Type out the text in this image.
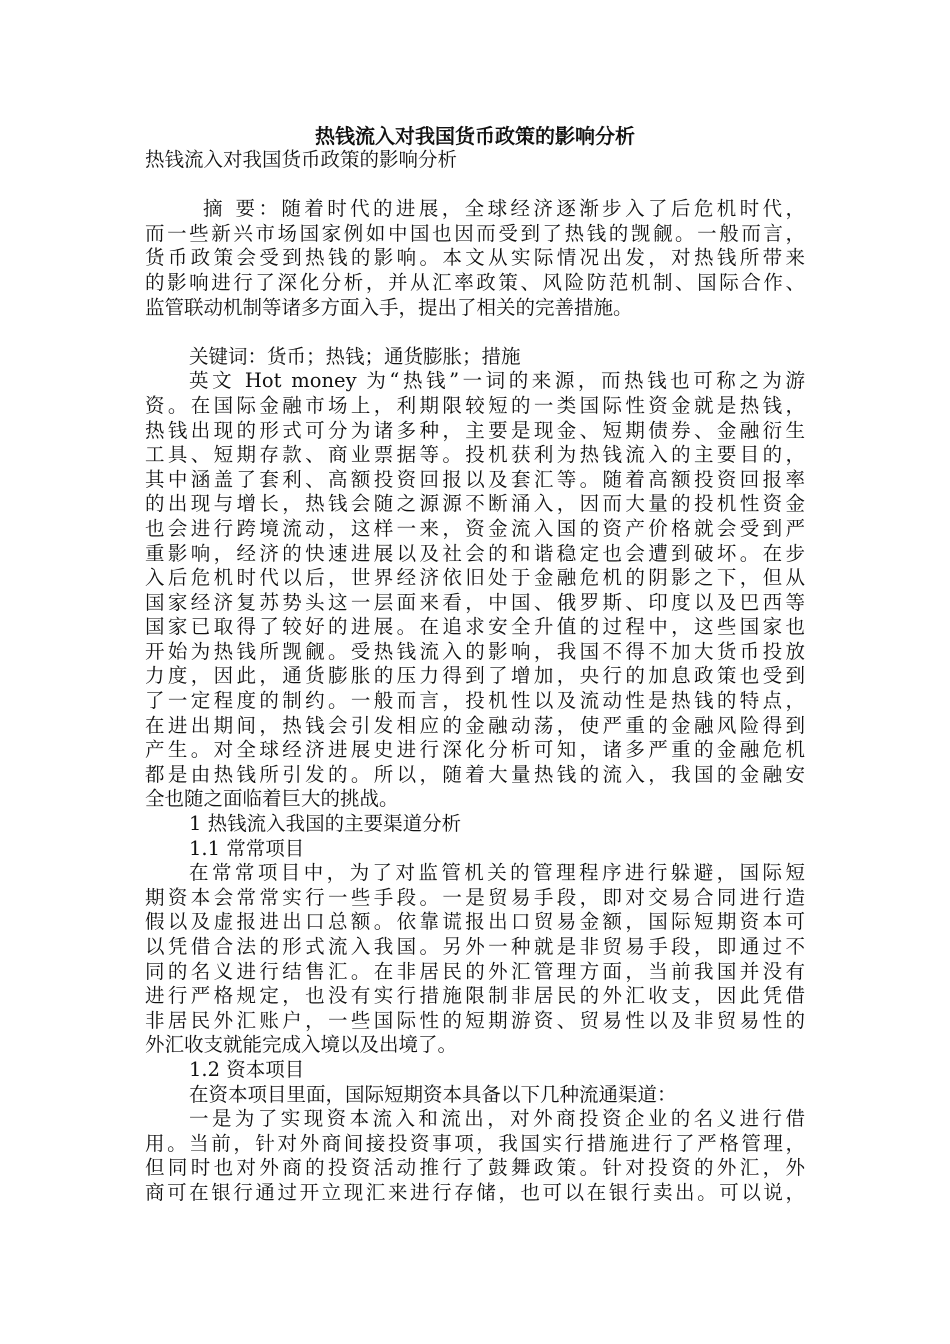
热钱流入对我国货币政策的影响分析
热钱流入对我国货币政策的影响分析
摘 要：随着时代的进展，全球经济逐渐步入了后危机时代，
而一些新兴市场国家例如中国也因而受到了热钱的觊觎。一般而言，
货币政策会受到热钱的影响。本文从实际情况出发，对热钱所带来
的影响进行了深化分析，并从汇率政策、风险防范机制、国际合作、
监管联动机制等诸多方面入手，提出了相关的完善措施。
关键词：货币；热钱；通货膨胀；措施
英文 Hot money 为“热钱”一词的来源，而热钱也可称之为游
资。在国际金融市场上，利期限较短的一类国际性资金就是热钱，
热钱出现的形式可分为诸多种，主要是现金、短期债券、金融衍生
工具、短期存款、商业票据等。投机获利为热钱流入的主要目的，
其中涵盖了套利、高额投资回报以及套汇等。随着高额投资回报率
的出现与增长，热钱会随之源源不断涌入，因而大量的投机性资金
也会进行跨境流动，这样一来，资金流入国的资产价格就会受到严
重影响，经济的快速进展以及社会的和谐稳定也会遭到破坏。在步
入后危机时代以后，世界经济依旧处于金融危机的阴影之下，但从
国家经济复苏势头这一层面来看，中国、俄罗斯、印度以及巴西等
国家已取得了较好的进展。在追求安全升值的过程中，这些国家也
开始为热钱所觊觎。受热钱流入的影响，我国不得不加大货币投放
力度，因此，通货膨胀的压力得到了增加，央行的加息政策也受到
了一定程度的制约。一般而言，投机性以及流动性是热钱的特点，
在进出期间，热钱会引发相应的金融动荡，使严重的金融风险得到
产生。对全球经济进展史进行深化分析可知，诸多严重的金融危机
都是由热钱所引发的。所以，随着大量热钱的流入，我国的金融安
全也随之面临着巨大的挑战。
1 热钱流入我国的主要渠道分析
1.1 常常项目
在常常项目中，为了对监管机关的管理程序进行躲避，国际短
期资本会常常实行一些手段。一是贸易手段，即对交易合同进行造
假以及虚报进出口总额。依靠谎报出口贸易金额，国际短期资本可
以凭借合法的形式流入我国。另外一种就是非贸易手段，即通过不
同的名义进行结售汇。在非居民的外汇管理方面，当前我国并没有
进行严格规定，也没有实行措施限制非居民的外汇收支，因此凭借
非居民外汇账户，一些国际性的短期游资、贸易性以及非贸易性的
外汇收支就能完成入境以及出境了。
1.2 资本项目
在资本项目里面，国际短期资本具备以下几种流通渠道：
一是为了实现资本流入和流出，对外商投资企业的名义进行借
用。当前，针对外商间接投资事项，我国实行措施进行了严格管理，
但同时也对外商的投资活动推行了鼓舞政策。针对投资的外汇，外
商可在银行通过开立现汇来进行存储，也可以在银行卖出。可以说，
